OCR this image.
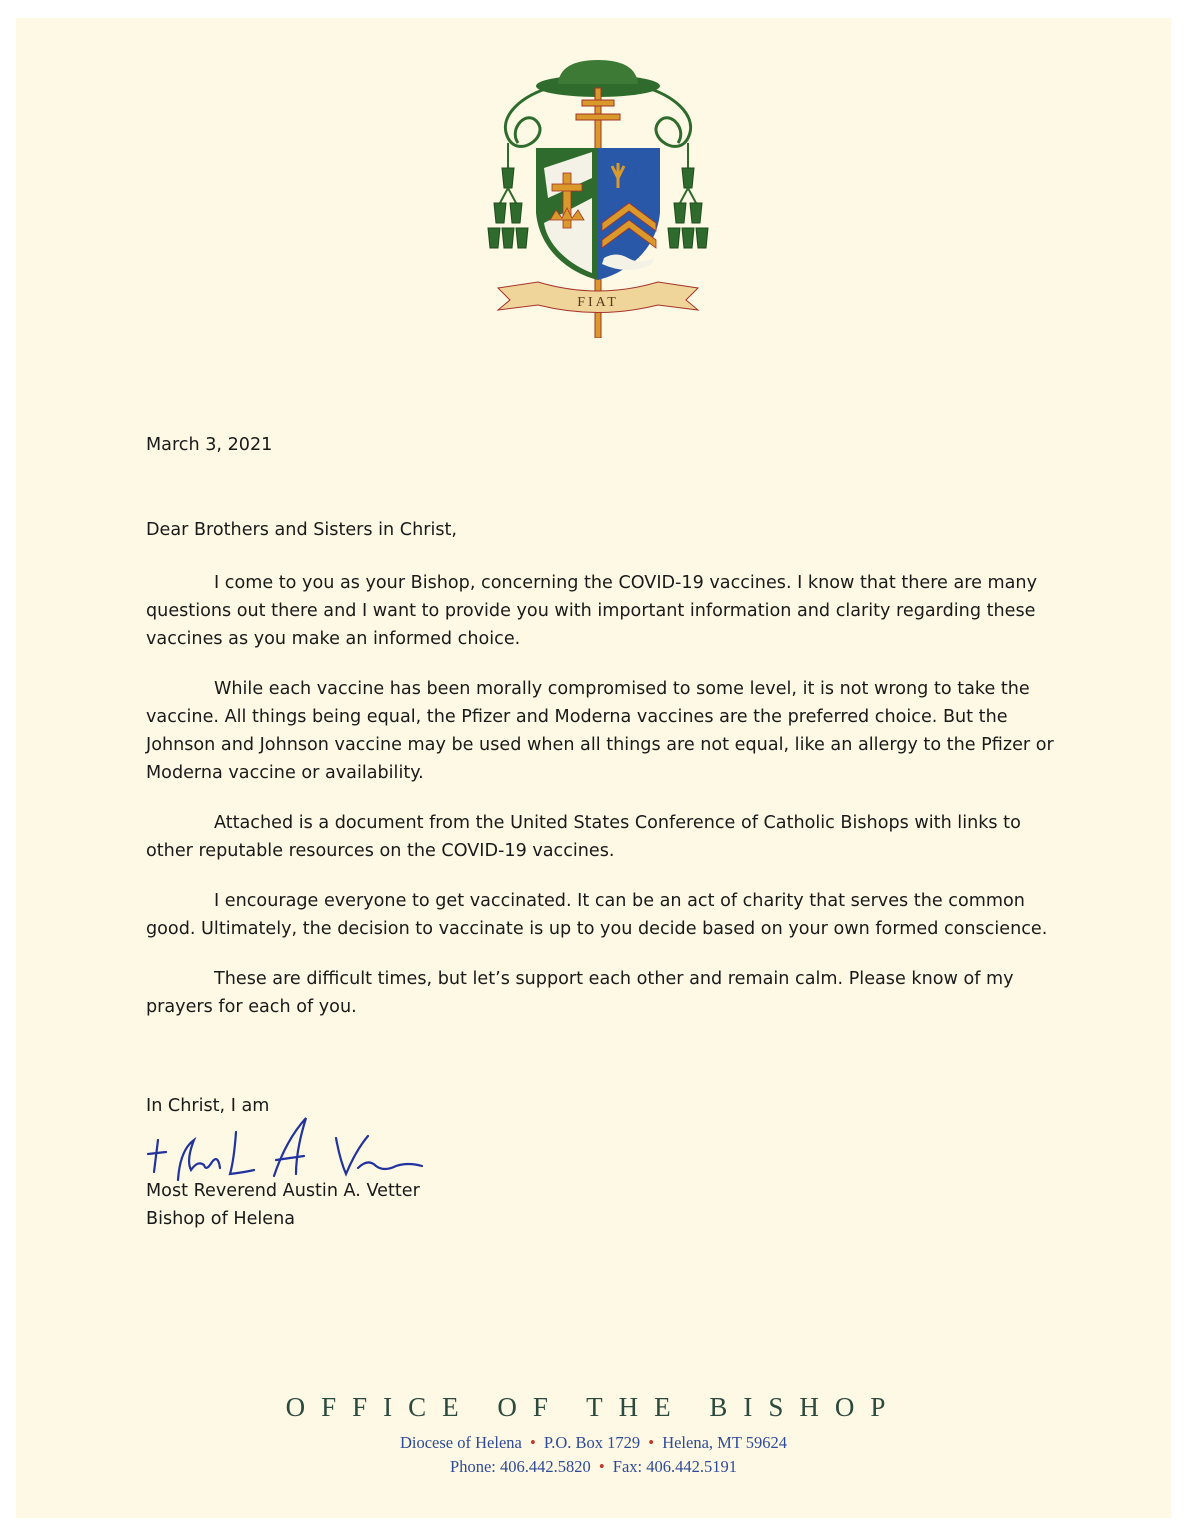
FIAT
March 3, 2021
Dear Brothers and Sisters in Christ,

I come to you as your Bishop, concerning the COVID-19 vaccines. I know that there are many questions out there and I want to provide you with important information and clarity regarding these vaccines as you make an informed choice.

While each vaccine has been morally compromised to some level, it is not wrong to take the vaccine. All things being equal, the Pfizer and Moderna vaccines are the preferred choice. But the Johnson and Johnson vaccine may be used when all things are not equal, like an allergy to the Pfizer or Moderna vaccine or availability.

Attached is a document from the United States Conference of Catholic Bishops with links to other reputable resources on the COVID-19 vaccines.

I encourage everyone to get vaccinated. It can be an act of charity that serves the common good. Ultimately, the decision to vaccinate is up to you decide based on your own formed conscience.

These are difficult times, but let’s support each other and remain calm. Please know of my prayers for each of you.

In Christ, I am
Most Reverend Austin A. Vetter
Bishop of Helena
OFFICE OF THE BISHOP
Diocese of Helena • P.O. Box 1729 • Helena, MT 59624
Phone: 406.442.5820 • Fax: 406.442.5191
